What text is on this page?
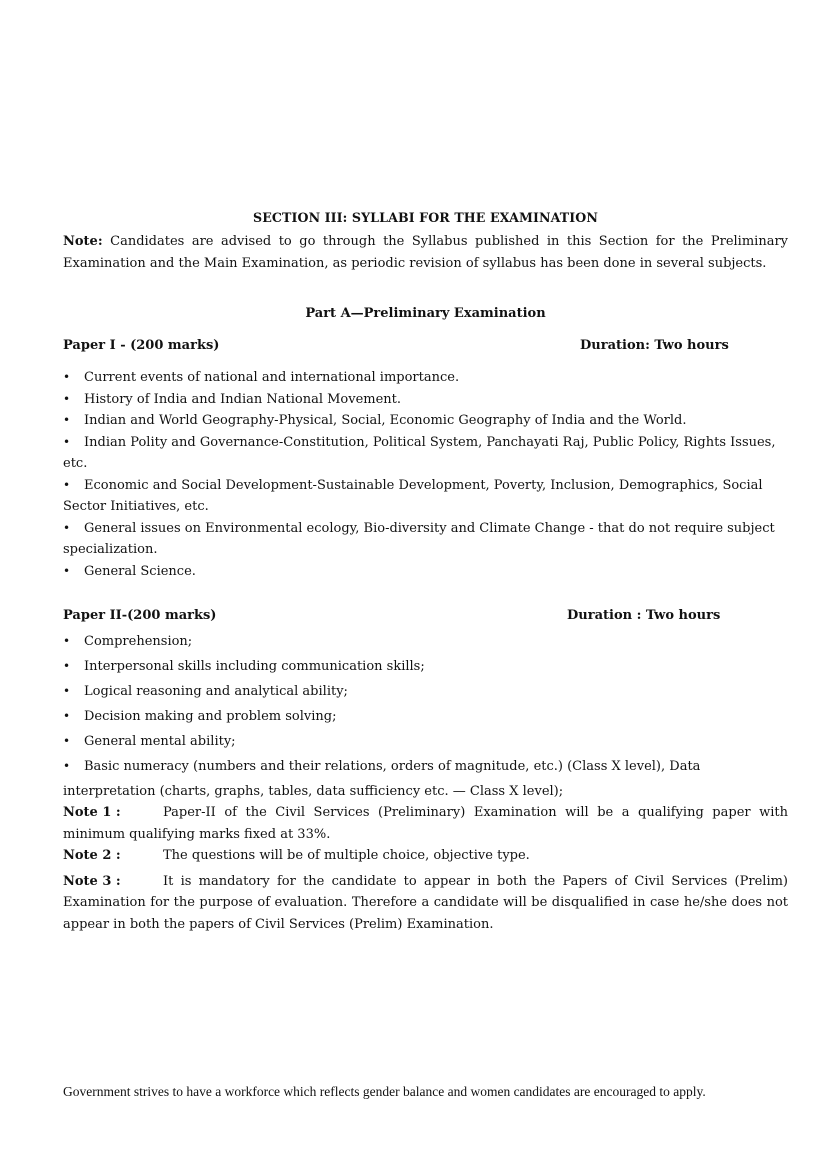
SECTION III: SYLLABI FOR THE EXAMINATION
Note: Candidates are advised to go through the Syllabus published in this Section for the Preliminary Examination and the Main Examination, as periodic revision of syllabus has been done in several subjects.
Part A—Preliminary Examination
Paper I - (200 marks)	Duration: Two hours
• Current events of national and international importance.
• History of India and Indian National Movement.
• Indian and World Geography-Physical, Social, Economic Geography of India and the World.
• Indian Polity and Governance-Constitution, Political System, Panchayati Raj, Public Policy, Rights Issues, etc.
• Economic and Social Development-Sustainable Development, Poverty, Inclusion, Demographics, Social Sector Initiatives, etc.
• General issues on Environmental ecology, Bio-diversity and Climate Change - that do not require subject specialization.
• General Science.
Paper II-(200 marks)	Duration : Two hours
• Comprehension;
• Interpersonal skills including communication skills;
• Logical reasoning and analytical ability;
• Decision making and problem solving;
• General mental ability;
• Basic numeracy (numbers and their relations, orders of magnitude, etc.) (Class X level), Data interpretation (charts, graphs, tables, data sufficiency etc. — Class X level);
Note 1 :	Paper-II of the Civil Services (Preliminary) Examination will be a qualifying paper with minimum qualifying marks fixed at 33%.
Note 2 :	The questions will be of multiple choice, objective type.
Note 3 :	It is mandatory for the candidate to appear in both the Papers of Civil Services (Prelim) Examination for the purpose of evaluation. Therefore a candidate will be disqualified in case he/she does not appear in both the papers of Civil Services (Prelim) Examination.
Government strives to have a workforce which reflects gender balance and women candidates are encouraged to apply.
